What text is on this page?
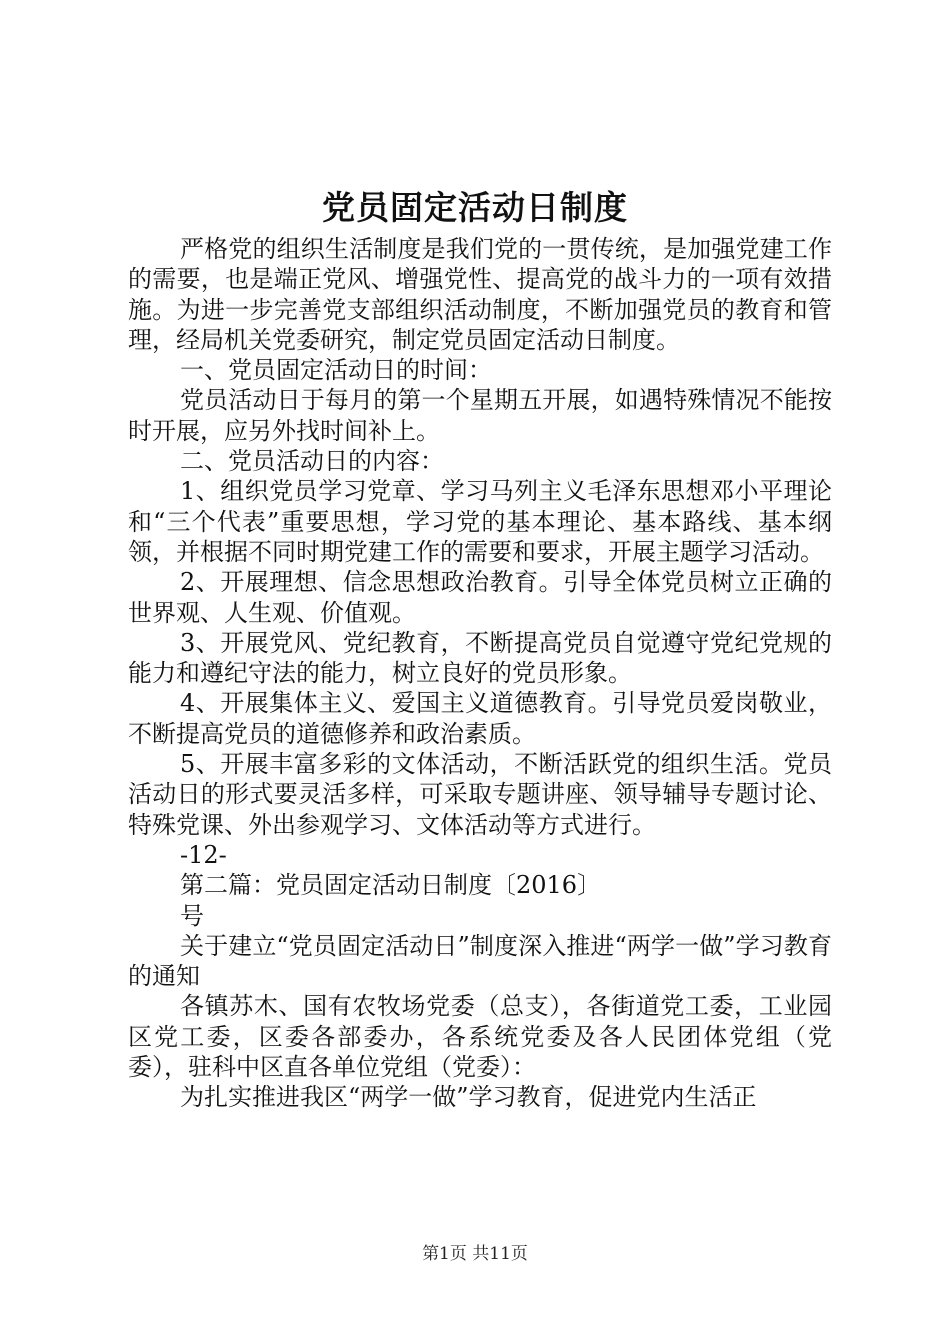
党员固定活动日制度

严格党的组织生活制度是我们党的一贯传统，是加强党建工作的需要，也是端正党风、增强党性、提高党的战斗力的一项有效措施。为进一步完善党支部组织活动制度，不断加强党员的教育和管理，经局机关党委研究，制定党员固定活动日制度。

一、党员固定活动日的时间：

党员活动日于每月的第一个星期五开展，如遇特殊情况不能按时开展，应另外找时间补上。

二、党员活动日的内容：

1、组织党员学习党章、学习马列主义毛泽东思想邓小平理论和“三个代表”重要思想，学习党的基本理论、基本路线、基本纲领，并根据不同时期党建工作的需要和要求，开展主题学习活动。

2、开展理想、信念思想政治教育。引导全体党员树立正确的世界观、人生观、价值观。

3、开展党风、党纪教育，不断提高党员自觉遵守党纪党规的能力和遵纪守法的能力，树立良好的党员形象。

4、开展集体主义、爱国主义道德教育。引导党员爱岗敬业，不断提高党员的道德修养和政治素质。

5、开展丰富多彩的文体活动，不断活跃党的组织生活。党员活动日的形式要灵活多样，可采取专题讲座、领导辅导专题讨论、特殊党课、外出参观学习、文体活动等方式进行。

-12-

第二篇：党员固定活动日制度〔2016〕

号

关于建立“党员固定活动日”制度深入推进“两学一做”学习教育的通知

各镇苏木、国有农牧场党委（总支），各街道党工委，工业园区党工委，区委各部委办，各系统党委及各人民团体党组（党委），驻科中区直各单位党组（党委）：

为扎实推进我区“两学一做”学习教育，促进党内生活正

第1页 共11页
